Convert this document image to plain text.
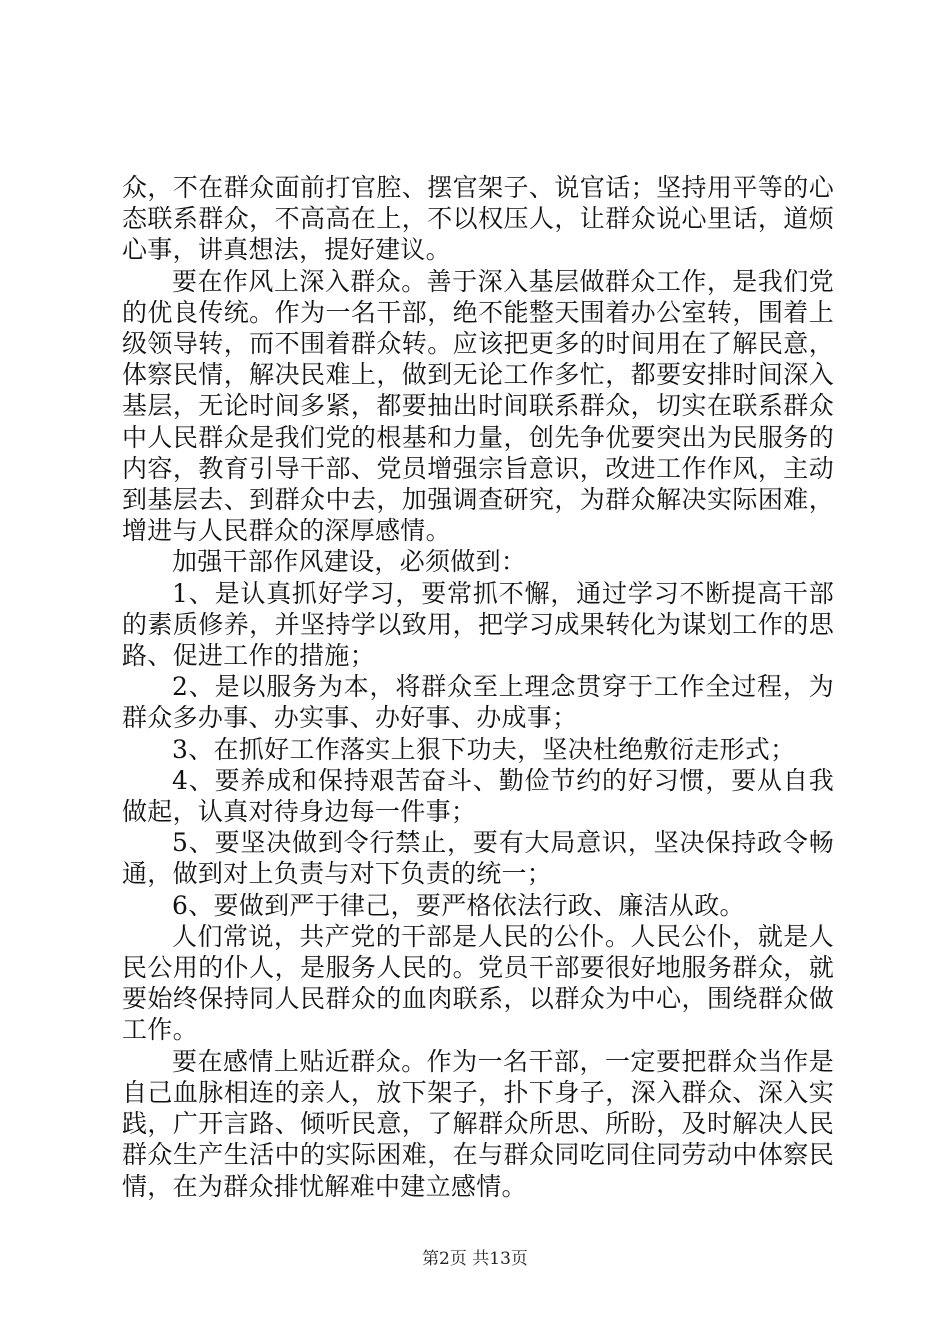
众，不在群众面前打官腔、摆官架子、说官话；坚持用平等的心态联系群众，不高高在上，不以权压人，让群众说心里话，道烦心事，讲真想法，提好建议。

要在作风上深入群众。善于深入基层做群众工作，是我们党的优良传统。作为一名干部，绝不能整天围着办公室转，围着上级领导转，而不围着群众转。应该把更多的时间用在了解民意，体察民情，解决民难上，做到无论工作多忙，都要安排时间深入基层，无论时间多紧，都要抽出时间联系群众，切实在联系群众中人民群众是我们党的根基和力量，创先争优要突出为民服务的内容，教育引导干部、党员增强宗旨意识，改进工作作风，主动到基层去、到群众中去，加强调查研究，为群众解决实际困难，增进与人民群众的深厚感情。

加强干部作风建设，必须做到：

1、是认真抓好学习，要常抓不懈，通过学习不断提高干部的素质修养，并坚持学以致用，把学习成果转化为谋划工作的思路、促进工作的措施；

2、是以服务为本，将群众至上理念贯穿于工作全过程，为群众多办事、办实事、办好事、办成事；

3、在抓好工作落实上狠下功夫，坚决杜绝敷衍走形式；

4、要养成和保持艰苦奋斗、勤俭节约的好习惯，要从自我做起，认真对待身边每一件事；

5、要坚决做到令行禁止，要有大局意识，坚决保持政令畅通，做到对上负责与对下负责的统一；

6、要做到严于律己，要严格依法行政、廉洁从政。

人们常说，共产党的干部是人民的公仆。人民公仆，就是人民公用的仆人，是服务人民的。党员干部要很好地服务群众，就要始终保持同人民群众的血肉联系，以群众为中心，围绕群众做工作。

要在感情上贴近群众。作为一名干部，一定要把群众当作是自己血脉相连的亲人，放下架子，扑下身子，深入群众、深入实践，广开言路、倾听民意，了解群众所思、所盼，及时解决人民群众生产生活中的实际困难，在与群众同吃同住同劳动中体察民情，在为群众排忧解难中建立感情。

第2页 共13页
